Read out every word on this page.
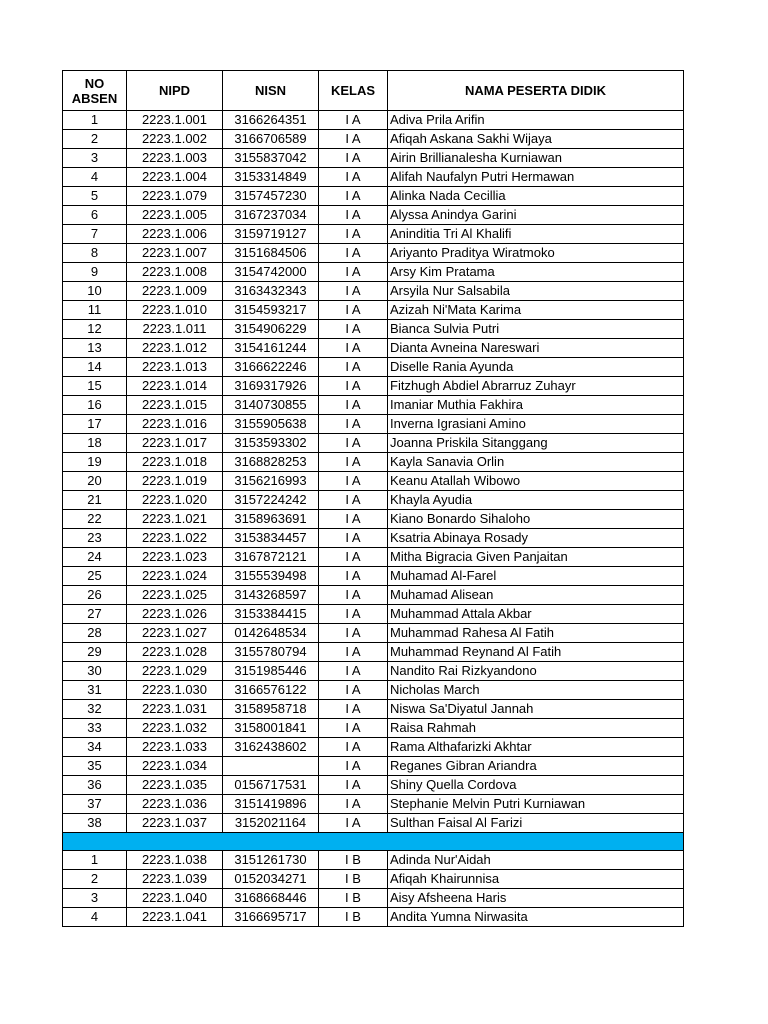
NO
ABSEN	NIPD	NISN	KELAS	NAMA PESERTA DIDIK
1	2223.1.001	3166264351	I A	Adiva Prila Arifin
2	2223.1.002	3166706589	I A	Afiqah Askana Sakhi Wijaya
3	2223.1.003	3155837042	I A	Airin Brillianalesha Kurniawan
4	2223.1.004	3153314849	I A	Alifah Naufalyn Putri Hermawan
5	2223.1.079	3157457230	I A	Alinka Nada Cecillia
6	2223.1.005	3167237034	I A	Alyssa Anindya Garini
7	2223.1.006	3159719127	I A	Aninditia Tri Al Khalifi
8	2223.1.007	3151684506	I A	Ariyanto Praditya Wiratmoko
9	2223.1.008	3154742000	I A	Arsy Kim Pratama
10	2223.1.009	3163432343	I A	Arsyila Nur Salsabila
11	2223.1.010	3154593217	I A	Azizah Ni'Mata Karima
12	2223.1.011	3154906229	I A	Bianca Sulvia Putri
13	2223.1.012	3154161244	I A	Dianta Avneina Nareswari
14	2223.1.013	3166622246	I A	Diselle Rania Ayunda
15	2223.1.014	3169317926	I A	Fitzhugh Abdiel Abrarruz Zuhayr
16	2223.1.015	3140730855	I A	Imaniar Muthia Fakhira
17	2223.1.016	3155905638	I A	Inverna Igrasiani Amino
18	2223.1.017	3153593302	I A	Joanna Priskila Sitanggang
19	2223.1.018	3168828253	I A	Kayla Sanavia Orlin
20	2223.1.019	3156216993	I A	Keanu Atallah Wibowo
21	2223.1.020	3157224242	I A	Khayla Ayudia
22	2223.1.021	3158963691	I A	Kiano Bonardo Sihaloho
23	2223.1.022	3153834457	I A	Ksatria Abinaya Rosady
24	2223.1.023	3167872121	I A	Mitha Bigracia Given Panjaitan
25	2223.1.024	3155539498	I A	Muhamad Al-Farel
26	2223.1.025	3143268597	I A	Muhamad Alisean
27	2223.1.026	3153384415	I A	Muhammad Attala Akbar
28	2223.1.027	0142648534	I A	Muhammad Rahesa Al Fatih
29	2223.1.028	3155780794	I A	Muhammad Reynand Al Fatih
30	2223.1.029	3151985446	I A	Nandito Rai Rizkyandono
31	2223.1.030	3166576122	I A	Nicholas March
32	2223.1.031	3158958718	I A	Niswa Sa'Diyatul Jannah
33	2223.1.032	3158001841	I A	Raisa Rahmah
34	2223.1.033	3162438602	I A	Rama Althafarizki Akhtar
35	2223.1.034		I A	Reganes Gibran Ariandra
36	2223.1.035	0156717531	I A	Shiny Quella Cordova
37	2223.1.036	3151419896	I A	Stephanie Melvin Putri Kurniawan
38	2223.1.037	3152021164	I A	Sulthan Faisal Al Farizi

1	2223.1.038	3151261730	I B	Adinda Nur'Aidah
2	2223.1.039	0152034271	I B	Afiqah Khairunnisa
3	2223.1.040	3168668446	I B	Aisy Afsheena Haris
4	2223.1.041	3166695717	I B	Andita Yumna Nirwasita
